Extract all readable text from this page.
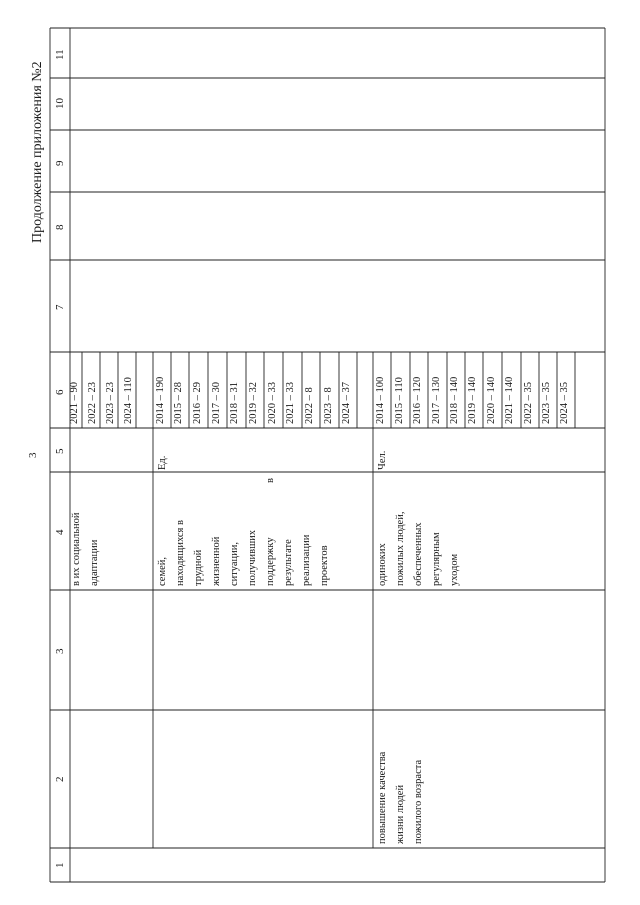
Продолжение приложения №2
3
11
10
9
8
7
6
5
4
3
2
1
в их социальной адаптации
2021 – 90 2022 – 23 2023 – 23 2024 – 110
семей, находящихся в трудной жизненной ситуации, получивших поддержку
в
результате реализации проектов
Ед.
2014 – 190 2015 – 28 2016 – 29 2017 – 30 2018 – 31 2019 – 32 2020 – 33 2021 – 33 2022 – 8 2023 – 8 2024 – 37
повышение качества жизни людей пожилого возраста
одиноких пожилых людей, обеспеченных регулярным уходом
Чел.
2014 – 100 2015 – 110 2016 – 120 2017 – 130 2018 – 140 2019 – 140 2020 – 140 2021 – 140 2022 – 35 2023 – 35 2024 – 35
